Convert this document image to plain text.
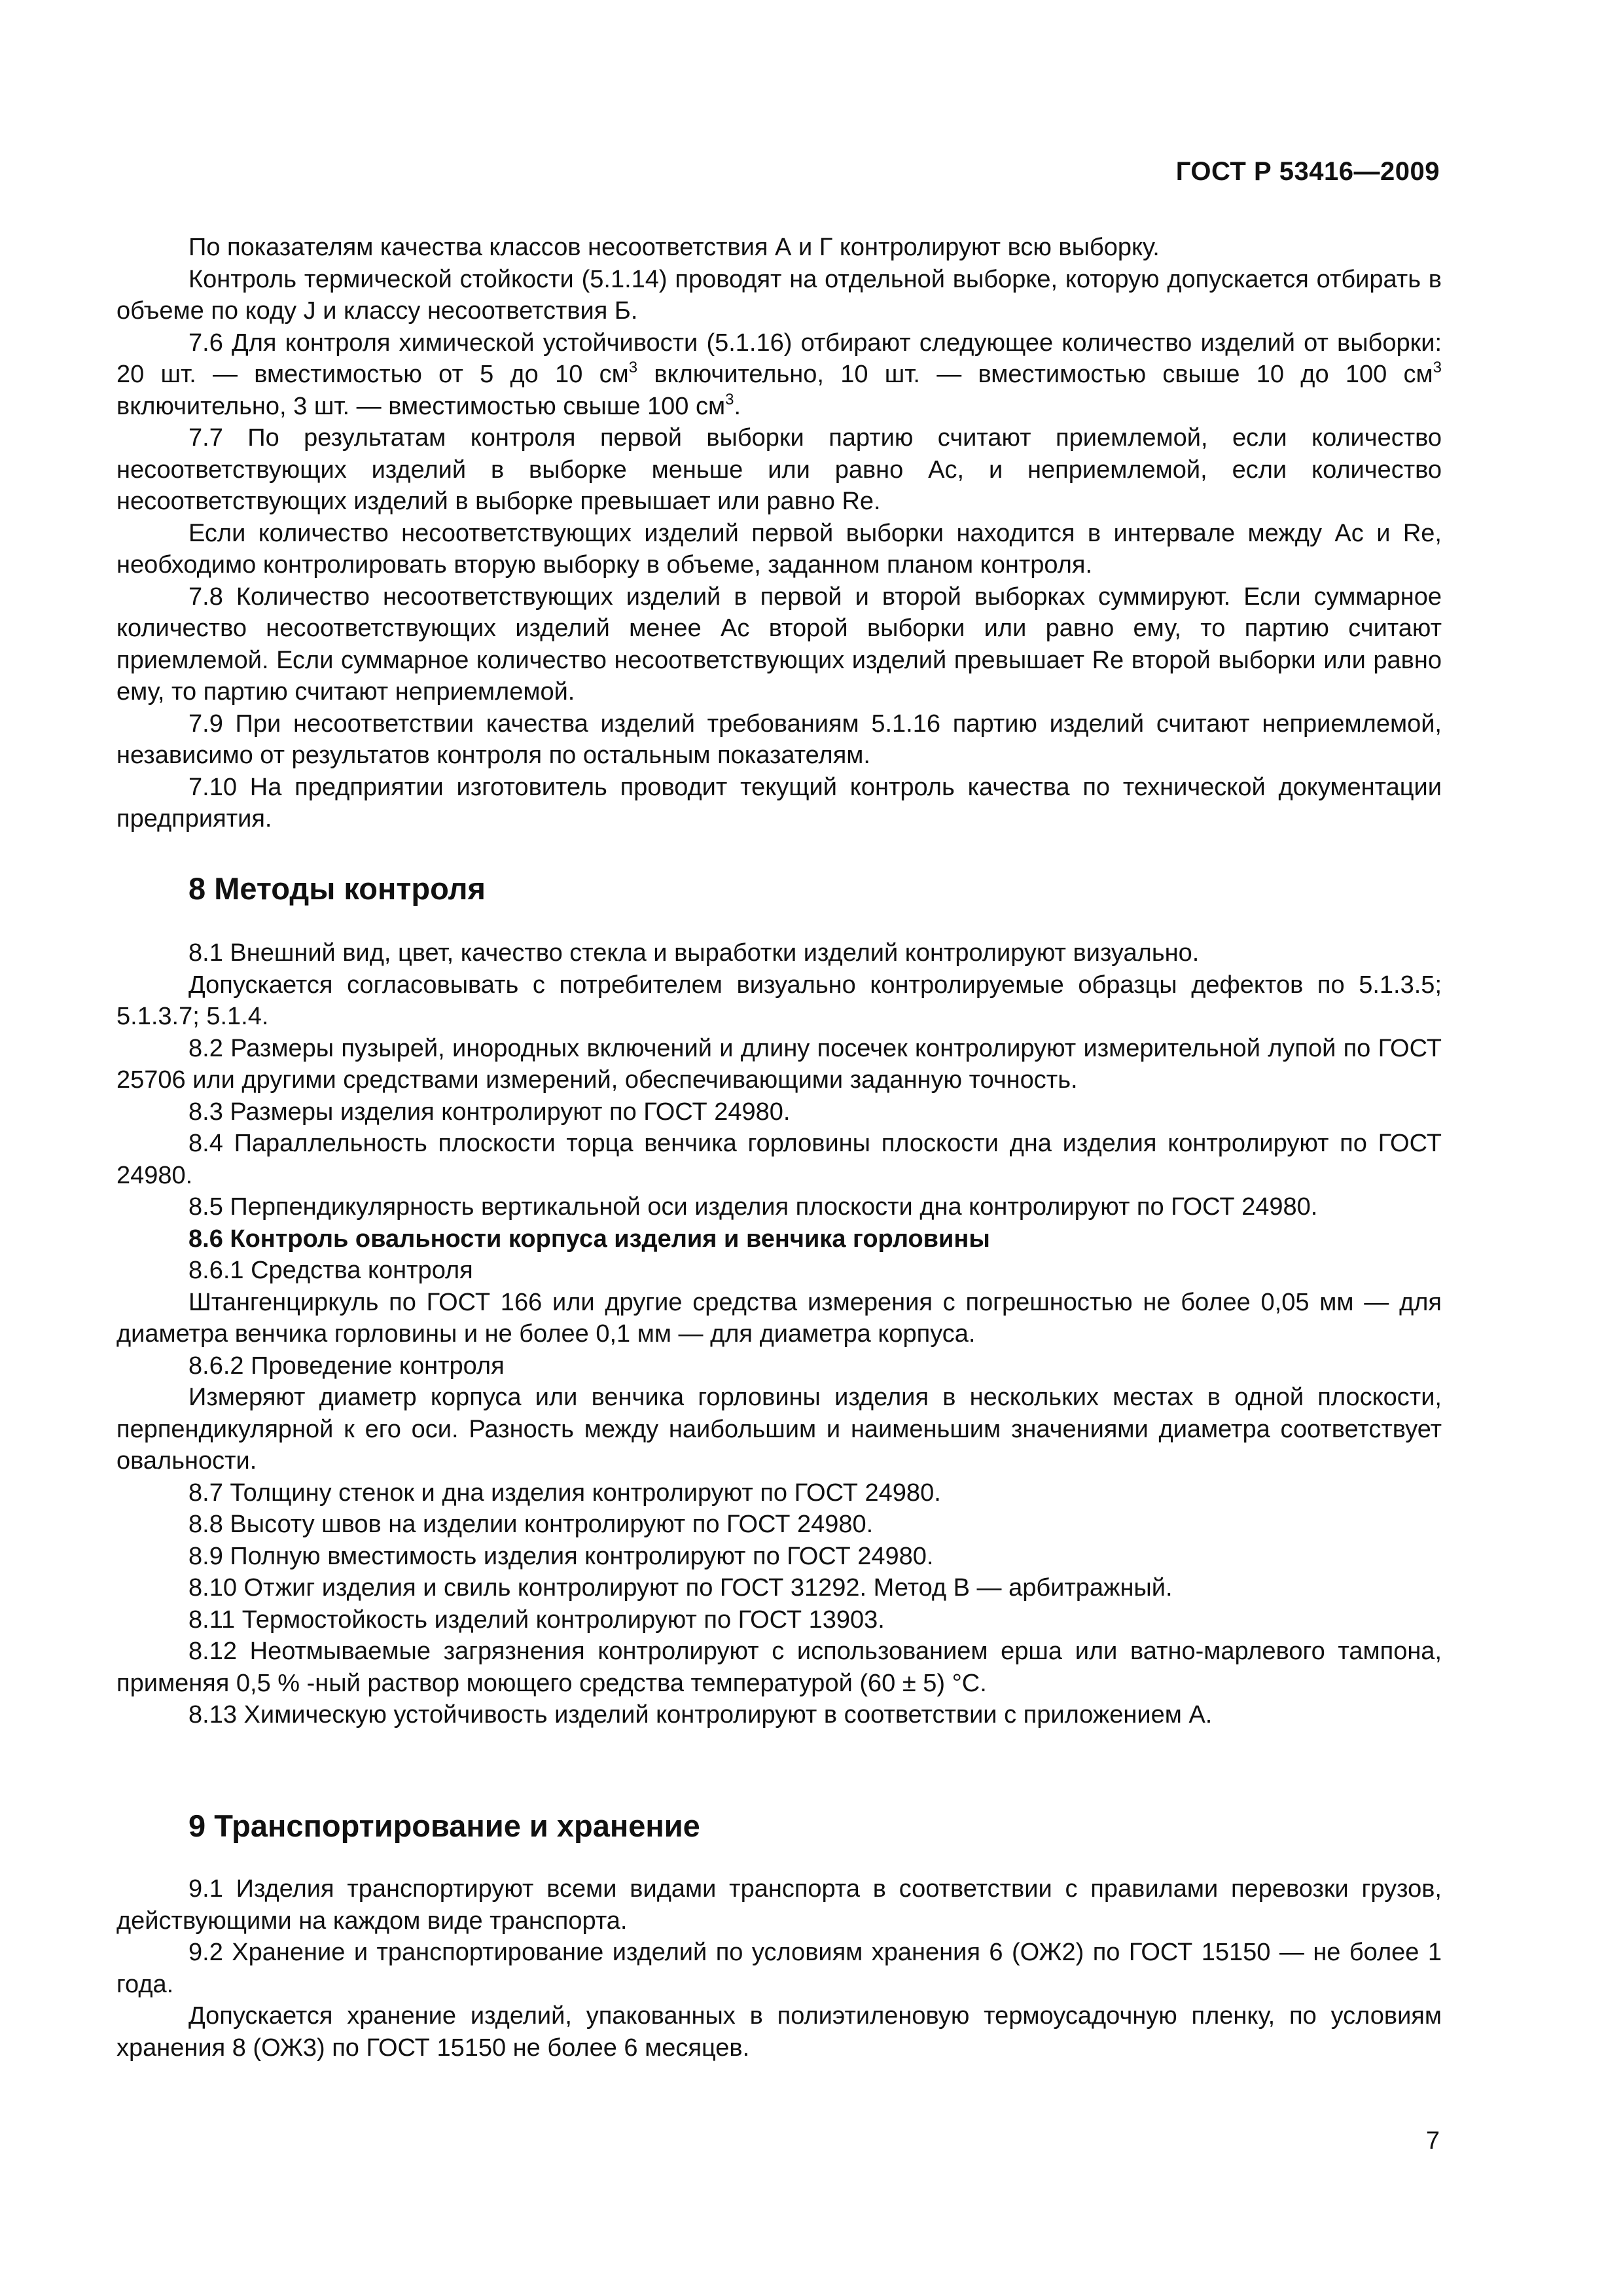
ГОСТ Р 53416—2009

По показателям качества классов несоответствия А и Г контролируют всю выборку.

Контроль термической стойкости (5.1.14) проводят на отдельной выборке, которую допускается отбирать в объеме по коду J и классу несоответствия Б.

7.6 Для контроля химической устойчивости (5.1.16) отбирают следующее количество изделий от выборки: 20 шт. — вместимостью от 5 до 10 $см^3$ включительно, 10 шт. — вместимостью свыше 10 до 100 $см^3$ включительно, 3 шт. — вместимостью свыше 100 $см^3$.

7.7 По результатам контроля первой выборки партию считают приемлемой, если количество несоответствующих изделий в выборке меньше или равно Ac, и неприемлемой, если количество несоответствующих изделий в выборке превышает или равно Re.

Если количество несоответствующих изделий первой выборки находится в интервале между Ac и Re, необходимо контролировать вторую выборку в объеме, заданном планом контроля.

7.8 Количество несоответствующих изделий в первой и второй выборках суммируют. Если суммарное количество несоответствующих изделий менее Ac второй выборки или равно ему, то партию считают приемлемой. Если суммарное количество несоответствующих изделий превышает Re второй выборки или равно ему, то партию считают неприемлемой.

7.9 При несоответствии качества изделий требованиям 5.1.16 партию изделий считают неприемлемой, независимо от результатов контроля по остальным показателям.

7.10 На предприятии изготовитель проводит текущий контроль качества по технической документации предприятия.

8 Методы контроля

8.1 Внешний вид, цвет, качество стекла и выработки изделий контролируют визуально.

Допускается согласовывать с потребителем визуально контролируемые образцы дефектов по 5.1.3.5; 5.1.3.7; 5.1.4.

8.2 Размеры пузырей, инородных включений и длину посечек контролируют измерительной лупой по ГОСТ 25706 или другими средствами измерений, обеспечивающими заданную точность.

8.3 Размеры изделия контролируют по ГОСТ 24980.

8.4 Параллельность плоскости торца венчика горловины плоскости дна изделия контролируют по ГОСТ 24980.

8.5 Перпендикулярность вертикальной оси изделия плоскости дна контролируют по ГОСТ 24980.

8.6 Контроль овальности корпуса изделия и венчика горловины

8.6.1 Средства контроля

Штангенциркуль по ГОСТ 166 или другие средства измерения с погрешностью не более 0,05 мм — для диаметра венчика горловины и не более 0,1 мм — для диаметра корпуса.

8.6.2 Проведение контроля

Измеряют диаметр корпуса или венчика горловины изделия в нескольких местах в одной плоскости, перпендикулярной к его оси. Разность между наибольшим и наименьшим значениями диаметра соответствует овальности.

8.7 Толщину стенок и дна изделия контролируют по ГОСТ 24980.

8.8 Высоту швов на изделии контролируют по ГОСТ 24980.

8.9 Полную вместимость изделия контролируют по ГОСТ 24980.

8.10 Отжиг изделия и свиль контролируют по ГОСТ 31292. Метод В — арбитражный.

8.11 Термостойкость изделий контролируют по ГОСТ 13903.

8.12 Неотмываемые загрязнения контролируют с использованием ерша или ватно-марлевого тампона, применяя 0,5 % -ный раствор моющего средства температурой (60 ± 5) °С.

8.13 Химическую устойчивость изделий контролируют в соответствии с приложением А.

9 Транспортирование и хранение

9.1 Изделия транспортируют всеми видами транспорта в соответствии с правилами перевозки грузов, действующими на каждом виде транспорта.

9.2 Хранение и транспортирование изделий по условиям хранения 6 (ОЖ2) по ГОСТ 15150 — не более 1 года.

Допускается хранение изделий, упакованных в полиэтиленовую термоусадочную пленку, по условиям хранения 8 (ОЖ3) по ГОСТ 15150 не более 6 месяцев.

7
